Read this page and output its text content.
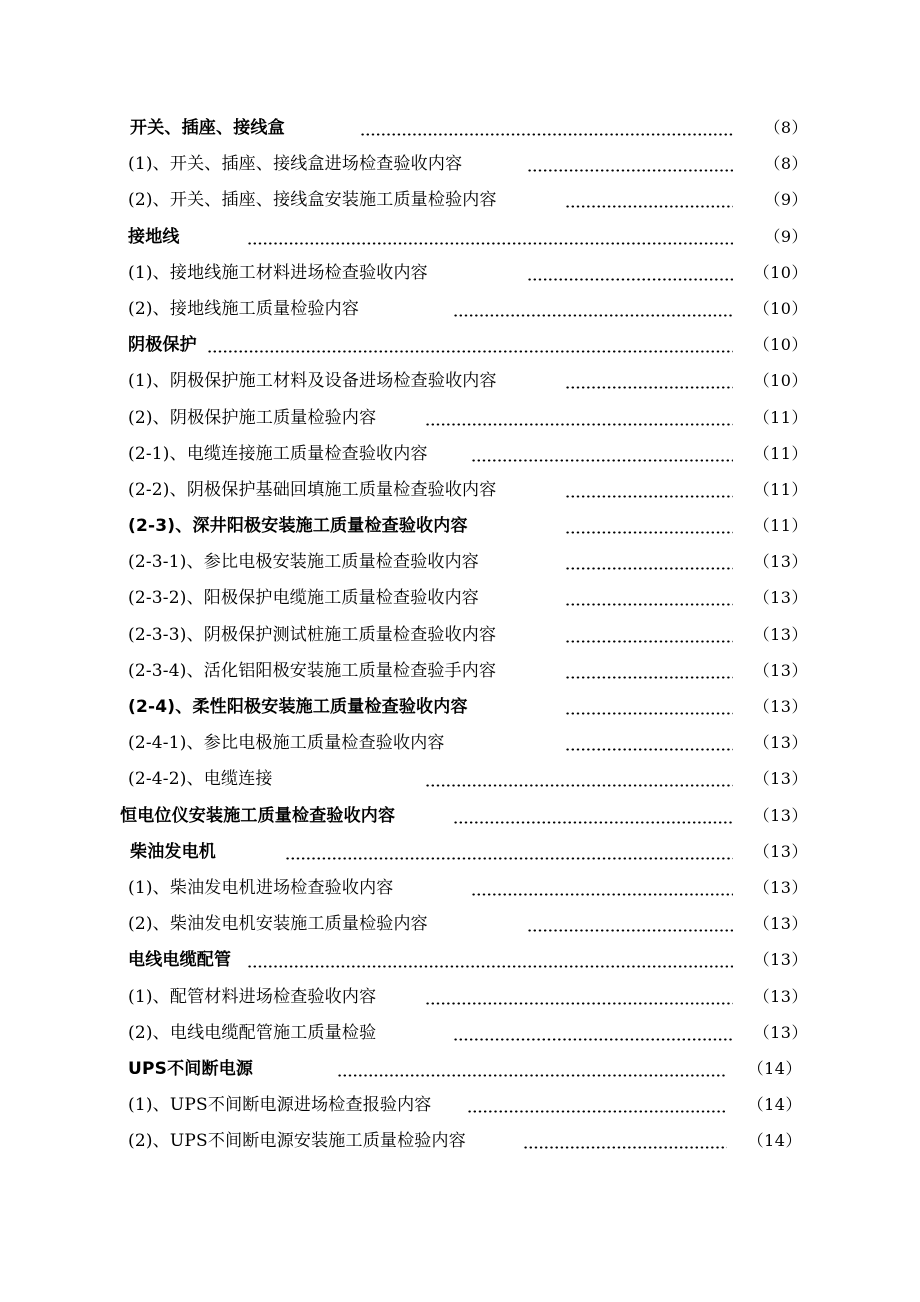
开关、插座、接线盒	（8）
(1)、开关、插座、接线盒进场检查验收内容	（8）
(2)、开关、插座、接线盒安装施工质量检验内容	（9）
接地线	（9）
(1)、接地线施工材料进场检查验收内容	（10）
(2)、接地线施工质量检验内容	（10）
阴极保护	（10）
(1)、阴极保护施工材料及设备进场检查验收内容	（10）
(2)、阴极保护施工质量检验内容	（11）
(2-1)、电缆连接施工质量检查验收内容	（11）
(2-2)、阴极保护基础回填施工质量检查验收内容	（11）
(2-3)、深井阳极安装施工质量检查验收内容	（11）
(2-3-1)、参比电极安装施工质量检查验收内容	（13）
(2-3-2)、阳极保护电缆施工质量检查验收内容	（13）
(2-3-3)、阴极保护测试桩施工质量检查验收内容	（13）
(2-3-4)、活化铝阳极安装施工质量检查验手内容	（13）
(2-4)、柔性阳极安装施工质量检查验收内容	（13）
(2-4-1)、参比电极施工质量检查验收内容	（13）
(2-4-2)、电缆连接	（13）
恒电位仪安装施工质量检查验收内容	（13）
柴油发电机	（13）
(1)、柴油发电机进场检查验收内容	（13）
(2)、柴油发电机安装施工质量检验内容	（13）
电线电缆配管	（13）
(1)、配管材料进场检查验收内容	（13）
(2)、电线电缆配管施工质量检验	（13）
UPS不间断电源	（14）
(1)、UPS不间断电源进场检查报验内容	（14）
(2)、UPS不间断电源安装施工质量检验内容	（14）
